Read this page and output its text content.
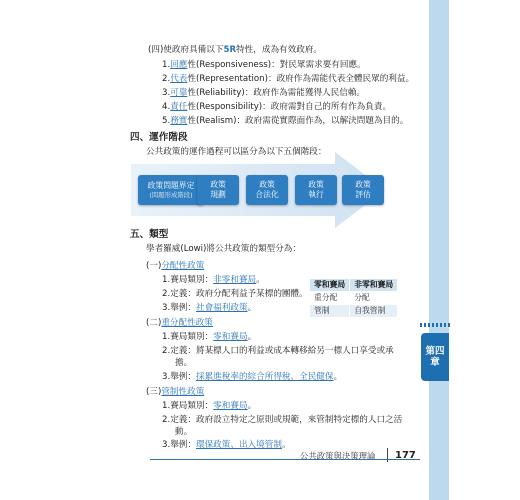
第四
章
(四)使政府具備以下5R特性，成為有效政府。
1.回應性(Responsiveness)：對民眾需求要有回應。
2.代表性(Representation)：政府作為需能代表全體民眾的利益。
3.可靠性(Reliability)：政府作為需能獲得人民信賴。
4.責任性(Responsibility)：政府需對自己的所有作為負責。
5.務實性(Realism)：政府需從實際面作為，以解決問題為目的。
四、運作階段
公共政策的運作過程可以區分為以下五個階段：
政策問題界定
(問題形成階段)
政策
規劃
政策
合法化
政策
執行
政策
評估
五、類型
學者羅威(Lowi)將公共政策的類型分為：
(一)分配性政策
1.賽局類別：非零和賽局。
2.定義：政府分配利益予某標的團體。
3.舉例：社會福利政策。
零和賽局	非零和賽局
重分配	分配
管制	自我管制
(二)重分配性政策
1.賽局類別：零和賽局。
2.定義：將某標人口的利益或成本轉移給另一標人口享受或承
擔。
3.舉例：採累進稅率的綜合所得稅、全民健保。
(三)管制性政策
1.賽局類別：零和賽局。
2.定義：政府設立特定之原則或規範，來管制特定標的人口之活
動。
3.舉例：環保政策、出入境管制。
公共政策與決策理論 177
